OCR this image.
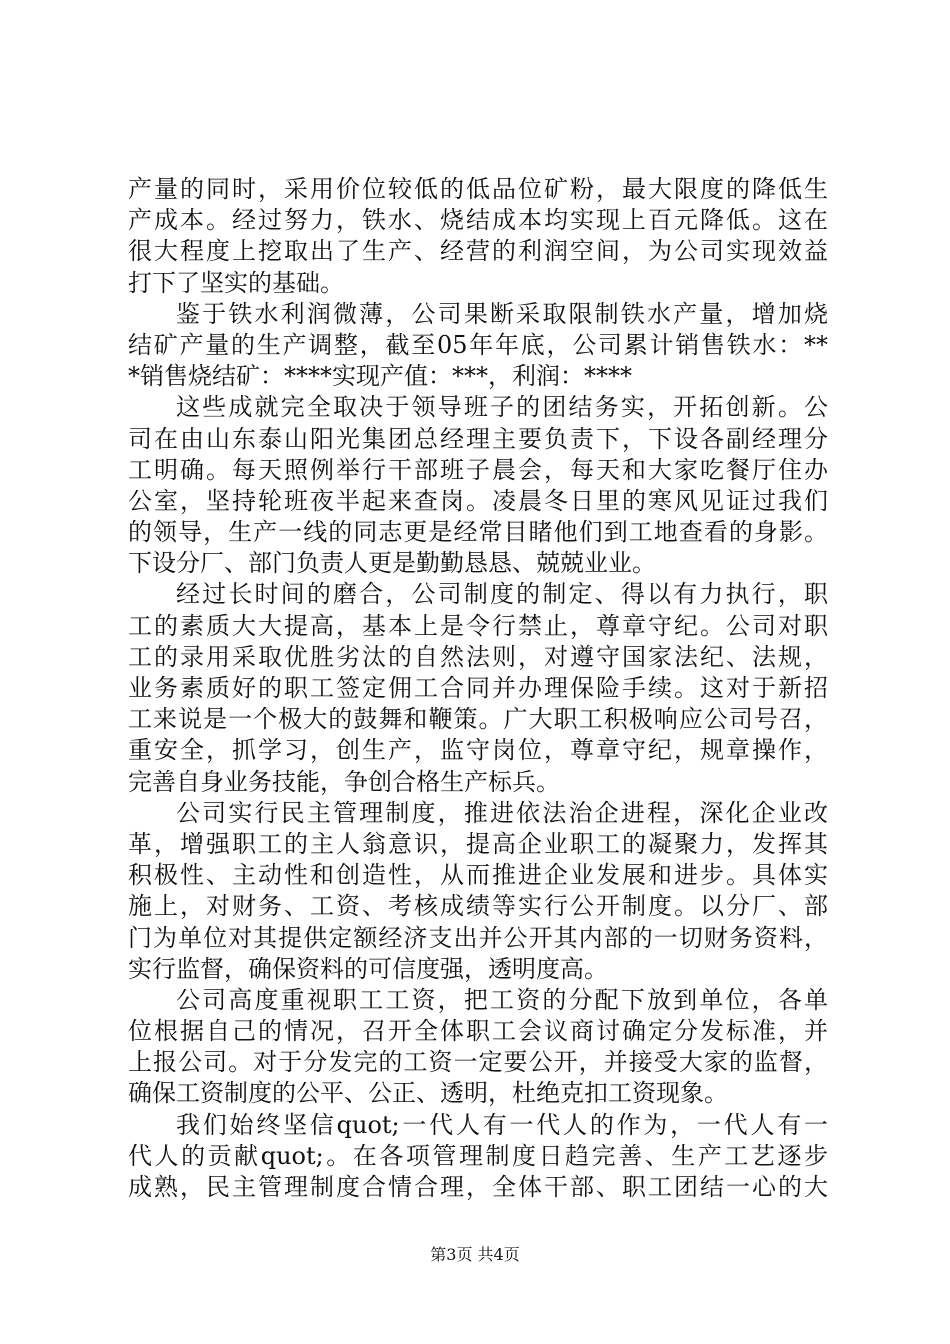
产量的同时，采用价位较低的低品位矿粉，最大限度的降低生
产成本。经过努力，铁水、烧结成本均实现上百元降低。这在
很大程度上挖取出了生产、经营的利润空间，为公司实现效益
打下了坚实的基础。
鉴于铁水利润微薄，公司果断采取限制铁水产量，增加烧
结矿产量的生产调整，截至05年年底，公司累计销售铁水：**
*销售烧结矿：****实现产值：***，利润：****
这些成就完全取决于领导班子的团结务实，开拓创新。公
司在由山东泰山阳光集团总经理主要负责下，下设各副经理分
工明确。每天照例举行干部班子晨会，每天和大家吃餐厅住办
公室，坚持轮班夜半起来查岗。凌晨冬日里的寒风见证过我们
的领导，生产一线的同志更是经常目睹他们到工地查看的身影。
下设分厂、部门负责人更是勤勤恳恳、兢兢业业。
经过长时间的磨合，公司制度的制定、得以有力执行，职
工的素质大大提高，基本上是令行禁止，尊章守纪。公司对职
工的录用采取优胜劣汰的自然法则，对遵守国家法纪、法规，
业务素质好的职工签定佣工合同并办理保险手续。这对于新招
工来说是一个极大的鼓舞和鞭策。广大职工积极响应公司号召，
重安全，抓学习，创生产，监守岗位，尊章守纪，规章操作，
完善自身业务技能，争创合格生产标兵。
公司实行民主管理制度，推进依法治企进程，深化企业改
革，增强职工的主人翁意识，提高企业职工的凝聚力，发挥其
积极性、主动性和创造性，从而推进企业发展和进步。具体实
施上，对财务、工资、考核成绩等实行公开制度。以分厂、部
门为单位对其提供定额经济支出并公开其内部的一切财务资料，
实行监督，确保资料的可信度强，透明度高。
公司高度重视职工工资，把工资的分配下放到单位，各单
位根据自己的情况，召开全体职工会议商讨确定分发标准，并
上报公司。对于分发完的工资一定要公开，并接受大家的监督，
确保工资制度的公平、公正、透明，杜绝克扣工资现象。
我们始终坚信quot;一代人有一代人的作为，一代人有一
代人的贡献quot;。在各项管理制度日趋完善、生产工艺逐步
成熟，民主管理制度合情合理，全体干部、职工团结一心的大
第3页 共4页
